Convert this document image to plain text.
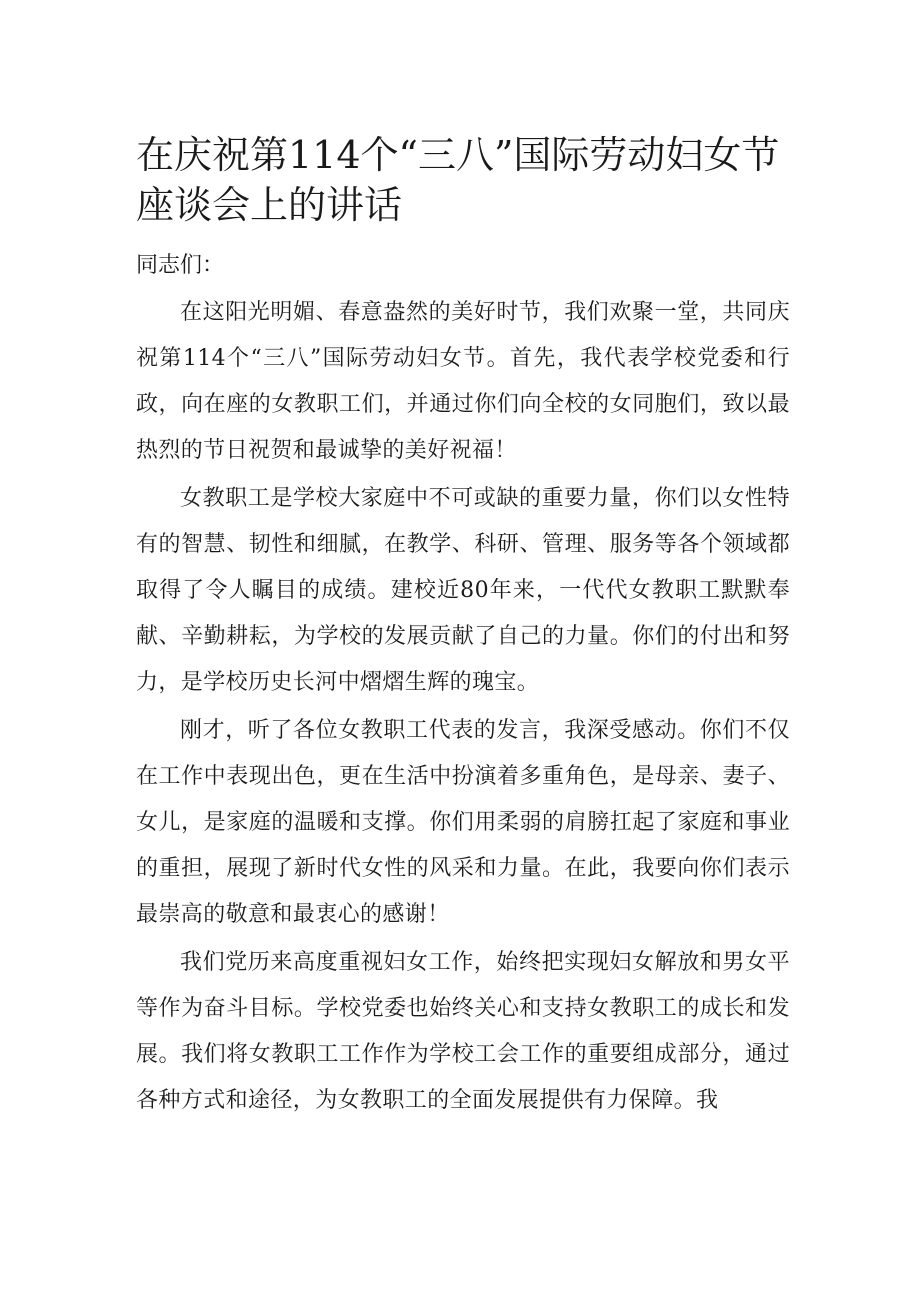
在庆祝第114个“三八”国际劳动妇女节座谈会上的讲话

同志们：

在这阳光明媚、春意盎然的美好时节，我们欢聚一堂，共同庆祝第114个“三八”国际劳动妇女节。首先，我代表学校党委和行政，向在座的女教职工们，并通过你们向全校的女同胞们，致以最热烈的节日祝贺和最诚挚的美好祝福！

女教职工是学校大家庭中不可或缺的重要力量，你们以女性特有的智慧、韧性和细腻，在教学、科研、管理、服务等各个领域都取得了令人瞩目的成绩。建校近80年来，一代代女教职工默默奉献、辛勤耕耘，为学校的发展贡献了自己的力量。你们的付出和努力，是学校历史长河中熠熠生辉的瑰宝。

刚才，听了各位女教职工代表的发言，我深受感动。你们不仅在工作中表现出色，更在生活中扮演着多重角色，是母亲、妻子、女儿，是家庭的温暖和支撑。你们用柔弱的肩膀扛起了家庭和事业的重担，展现了新时代女性的风采和力量。在此，我要向你们表示最崇高的敬意和最衷心的感谢！

我们党历来高度重视妇女工作，始终把实现妇女解放和男女平等作为奋斗目标。学校党委也始终关心和支持女教职工的成长和发展。我们将女教职工工作作为学校工会工作的重要组成部分，通过各种方式和途径，为女教职工的全面发展提供有力保障。我
